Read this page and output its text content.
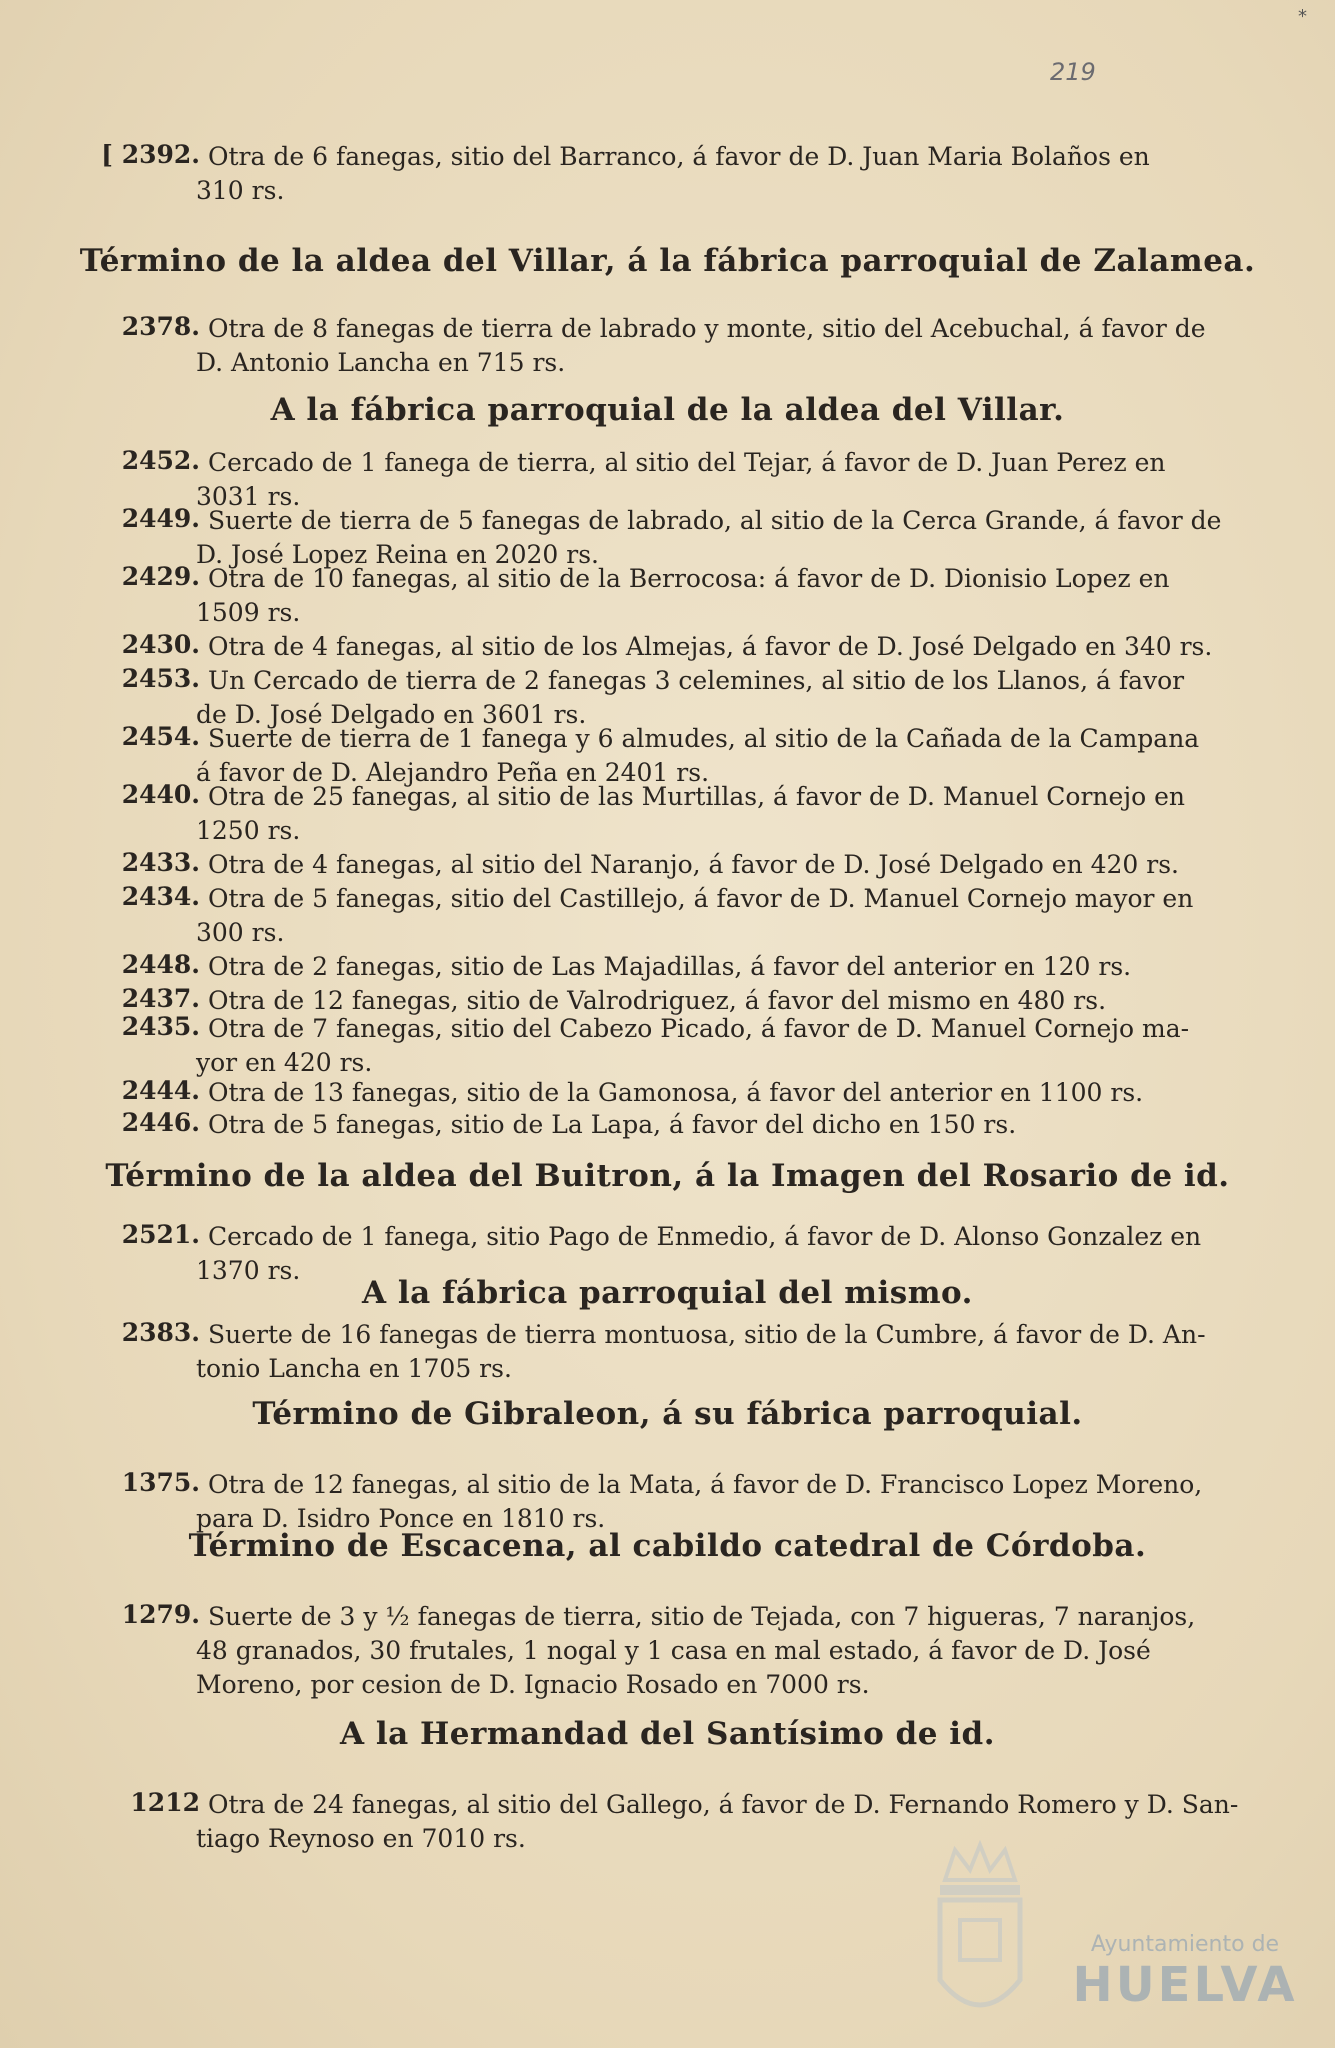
*
219
[ 2392. Otra de 6 fanegas, sitio del Barranco, á favor de D. Juan Maria Bolaños en
310 rs.
Término de la aldea del Villar, á la fábrica parroquial de Zalamea.
2378. Otra de 8 fanegas de tierra de labrado y monte, sitio del Acebuchal, á favor de
D. Antonio Lancha en 715 rs.
A la fábrica parroquial de la aldea del Villar.
2452. Cercado de 1 fanega de tierra, al sitio del Tejar, á favor de D. Juan Perez en
3031 rs.
2449. Suerte de tierra de 5 fanegas de labrado, al sitio de la Cerca Grande, á favor de
D. José Lopez Reina en 2020 rs.
2429. Otra de 10 fanegas, al sitio de la Berrocosa: á favor de D. Dionisio Lopez en
1509 rs.
2430. Otra de 4 fanegas, al sitio de los Almejas, á favor de D. José Delgado en 340 rs.
2453. Un Cercado de tierra de 2 fanegas 3 celemines, al sitio de los Llanos, á favor
de D. José Delgado en 3601 rs.
2454. Suerte de tierra de 1 fanega y 6 almudes, al sitio de la Cañada de la Campana
á favor de D. Alejandro Peña en 2401 rs.
2440. Otra de 25 fanegas, al sitio de las Murtillas, á favor de D. Manuel Cornejo en
1250 rs.
2433. Otra de 4 fanegas, al sitio del Naranjo, á favor de D. José Delgado en 420 rs.
2434. Otra de 5 fanegas, sitio del Castillejo, á favor de D. Manuel Cornejo mayor en
300 rs.
2448. Otra de 2 fanegas, sitio de Las Majadillas, á favor del anterior en 120 rs.
2437. Otra de 12 fanegas, sitio de Valrodriguez, á favor del mismo en 480 rs.
2435. Otra de 7 fanegas, sitio del Cabezo Picado, á favor de D. Manuel Cornejo ma-
yor en 420 rs.
2444. Otra de 13 fanegas, sitio de la Gamonosa, á favor del anterior en 1100 rs.
2446. Otra de 5 fanegas, sitio de La Lapa, á favor del dicho en 150 rs.
Término de la aldea del Buitron, á la Imagen del Rosario de id.
2521. Cercado de 1 fanega, sitio Pago de Enmedio, á favor de D. Alonso Gonzalez en
1370 rs.
A la fábrica parroquial del mismo.
2383. Suerte de 16 fanegas de tierra montuosa, sitio de la Cumbre, á favor de D. An-
tonio Lancha en 1705 rs.
Término de Gibraleon, á su fábrica parroquial.
1375. Otra de 12 fanegas, al sitio de la Mata, á favor de D. Francisco Lopez Moreno,
para D. Isidro Ponce en 1810 rs.
Término de Escacena, al cabildo catedral de Córdoba.
1279. Suerte de 3 y ½ fanegas de tierra, sitio de Tejada, con 7 higueras, 7 naranjos,
48 granados, 30 frutales, 1 nogal y 1 casa en mal estado, á favor de D. José
Moreno, por cesion de D. Ignacio Rosado en 7000 rs.
A la Hermandad del Santísimo de id.
1212 Otra de 24 fanegas, al sitio del Gallego, á favor de D. Fernando Romero y D. San-
tiago Reynoso en 7010 rs.
Ayuntamiento de
HUELVA
